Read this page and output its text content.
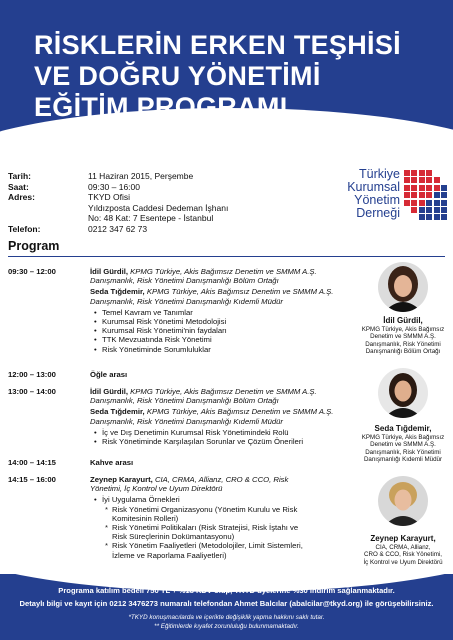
RİSKLERİN ERKEN TEŞHİSİ
VE DOĞRU YÖNETİMİ
EĞİTİM PROGRAMI
Tarih:	11 Haziran 2015, Perşembe
Saat:	09:30 – 16:00
Adres:	TKYD Ofisi
Yıldızposta Caddesi Dedeman İşhanı
No: 48 Kat: 7 Esentepe - İstanbul
Telefon:	0212 347 62 73
Türkiye
Kurumsal
Yönetim
Derneği
Program
09:30 – 12:00	İdil Gürdil, KPMG Türkiye, Akis Bağımsız Denetim ve SMMM A.Ş. Danışmanlık, Risk Yönetimi Danışmanlığı Bölüm Ortağı
Seda Tığdemir, KPMG Türkiye, Akis Bağımsız Denetim ve SMMM A.Ş. Danışmanlık, Risk Yönetimi Danışmanlığı Kıdemli Müdür
• Temel Kavram ve Tanımlar
• Kurumsal Risk Yönetimi Metodolojisi
• Kurumsal Risk Yönetimi'nin faydaları
• TTK Mevzuatında Risk Yönetimi
• Risk Yönetiminde Sorumluluklar
12:00 – 13:00	Öğle arası
13:00 – 14:00	İdil Gürdil, KPMG Türkiye, Akis Bağımsız Denetim ve SMMM A.Ş. Danışmanlık, Risk Yönetimi Danışmanlığı Bölüm Ortağı
Seda Tığdemir, KPMG Türkiye, Akis Bağımsız Denetim ve SMMM A.Ş. Danışmanlık, Risk Yönetimi Danışmanlığı Kıdemli Müdür
• İç ve Dış Denetimin Kurumsal Risk Yönetimindeki Rolü
• Risk Yönetiminde Karşılaşılan Sorunlar ve Çözüm Önerileri
14:00 – 14:15	Kahve arası
14:15 – 16:00	Zeynep Karayurt, CIA, CRMA, Allianz, CRO & CCO, Risk Yönetimi, İç Kontrol ve Uyum Direktörü
• İyi Uygulama Örnekleri
* Risk Yönetimi Organizasyonu (Yönetim Kurulu ve Risk Komitesinin Rolleri)
* Risk Yönetimi Politikaları (Risk Stratejisi, Risk İştahı ve Risk Süreçlerinin Dokümantasyonu)
* Risk Yönetim Faaliyetleri (Metodolojiler, Limit Sistemleri, İzleme ve Raporlama Faaliyetleri)
İdil Gürdil,
KPMG Türkiye, Akis Bağımsız
Denetim ve SMMM A.Ş.
Danışmanlık, Risk Yönetimi
Danışmanlığı Bölüm Ortağı
Seda Tığdemir,
KPMG Türkiye, Akis Bağımsız
Denetim ve SMMM A.Ş.
Danışmanlık, Risk Yönetimi
Danışmanlığı Kıdemli Müdür
Zeynep Karayurt,
CIA, CRMA, Allianz,
CRO & CCO, Risk Yönetimi,
İç Kontrol ve Uyum Direktörü
Programa katılım bedeli 750 TL + %18 KDV olup, TKYD üyelerine %30 indirim sağlanmaktadır.
Detaylı bilgi ve kayıt için 0212 3476273 numaralı telefondan Ahmet Balcılar (abalcilar@tkyd.org) ile görüşebilirsiniz.
*TKYD konuşmacılarda ve içerikte değişiklik yapma hakkını saklı tutar.
** Eğitimlerde kıyafet zorunluluğu bulunmamaktadır.
